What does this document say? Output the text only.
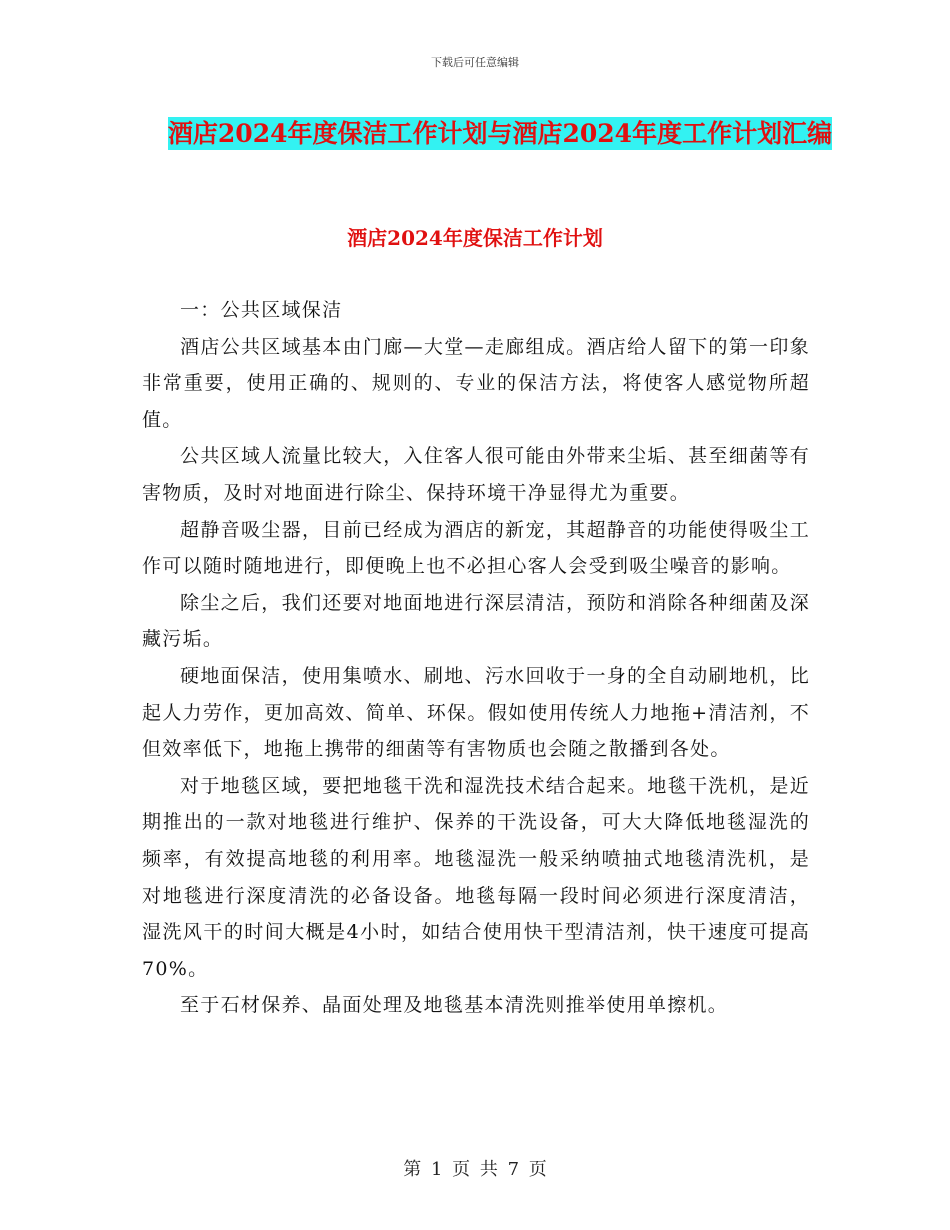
下载后可任意编辑
酒店2024年度保洁工作计划与酒店2024年度工作计划汇编
酒店2024年度保洁工作计划

一：公共区域保洁

酒店公共区域基本由门廊—大堂—走廊组成。酒店给人留下的第一印象非常重要，使用正确的、规则的、专业的保洁方法，将使客人感觉物所超值。

公共区域人流量比较大，入住客人很可能由外带来尘垢、甚至细菌等有害物质，及时对地面进行除尘、保持环境干净显得尤为重要。

超静音吸尘器，目前已经成为酒店的新宠，其超静音的功能使得吸尘工作可以随时随地进行，即便晚上也不必担心客人会受到吸尘噪音的影响。

除尘之后，我们还要对地面地进行深层清洁，预防和消除各种细菌及深藏污垢。

硬地面保洁，使用集喷水、刷地、污水回收于一身的全自动刷地机，比起人力劳作，更加高效、简单、环保。假如使用传统人力地拖+清洁剂，不但效率低下，地拖上携带的细菌等有害物质也会随之散播到各处。

对于地毯区域，要把地毯干洗和湿洗技术结合起来。地毯干洗机，是近期推出的一款对地毯进行维护、保养的干洗设备，可大大降低地毯湿洗的频率，有效提高地毯的利用率。地毯湿洗一般采纳喷抽式地毯清洗机，是对地毯进行深度清洗的必备设备。地毯每隔一段时间必须进行深度清洁，湿洗风干的时间大概是4小时，如结合使用快干型清洁剂，快干速度可提高70%。

至于石材保养、晶面处理及地毯基本清洗则推举使用单擦机。

第 1 页 共 7 页
